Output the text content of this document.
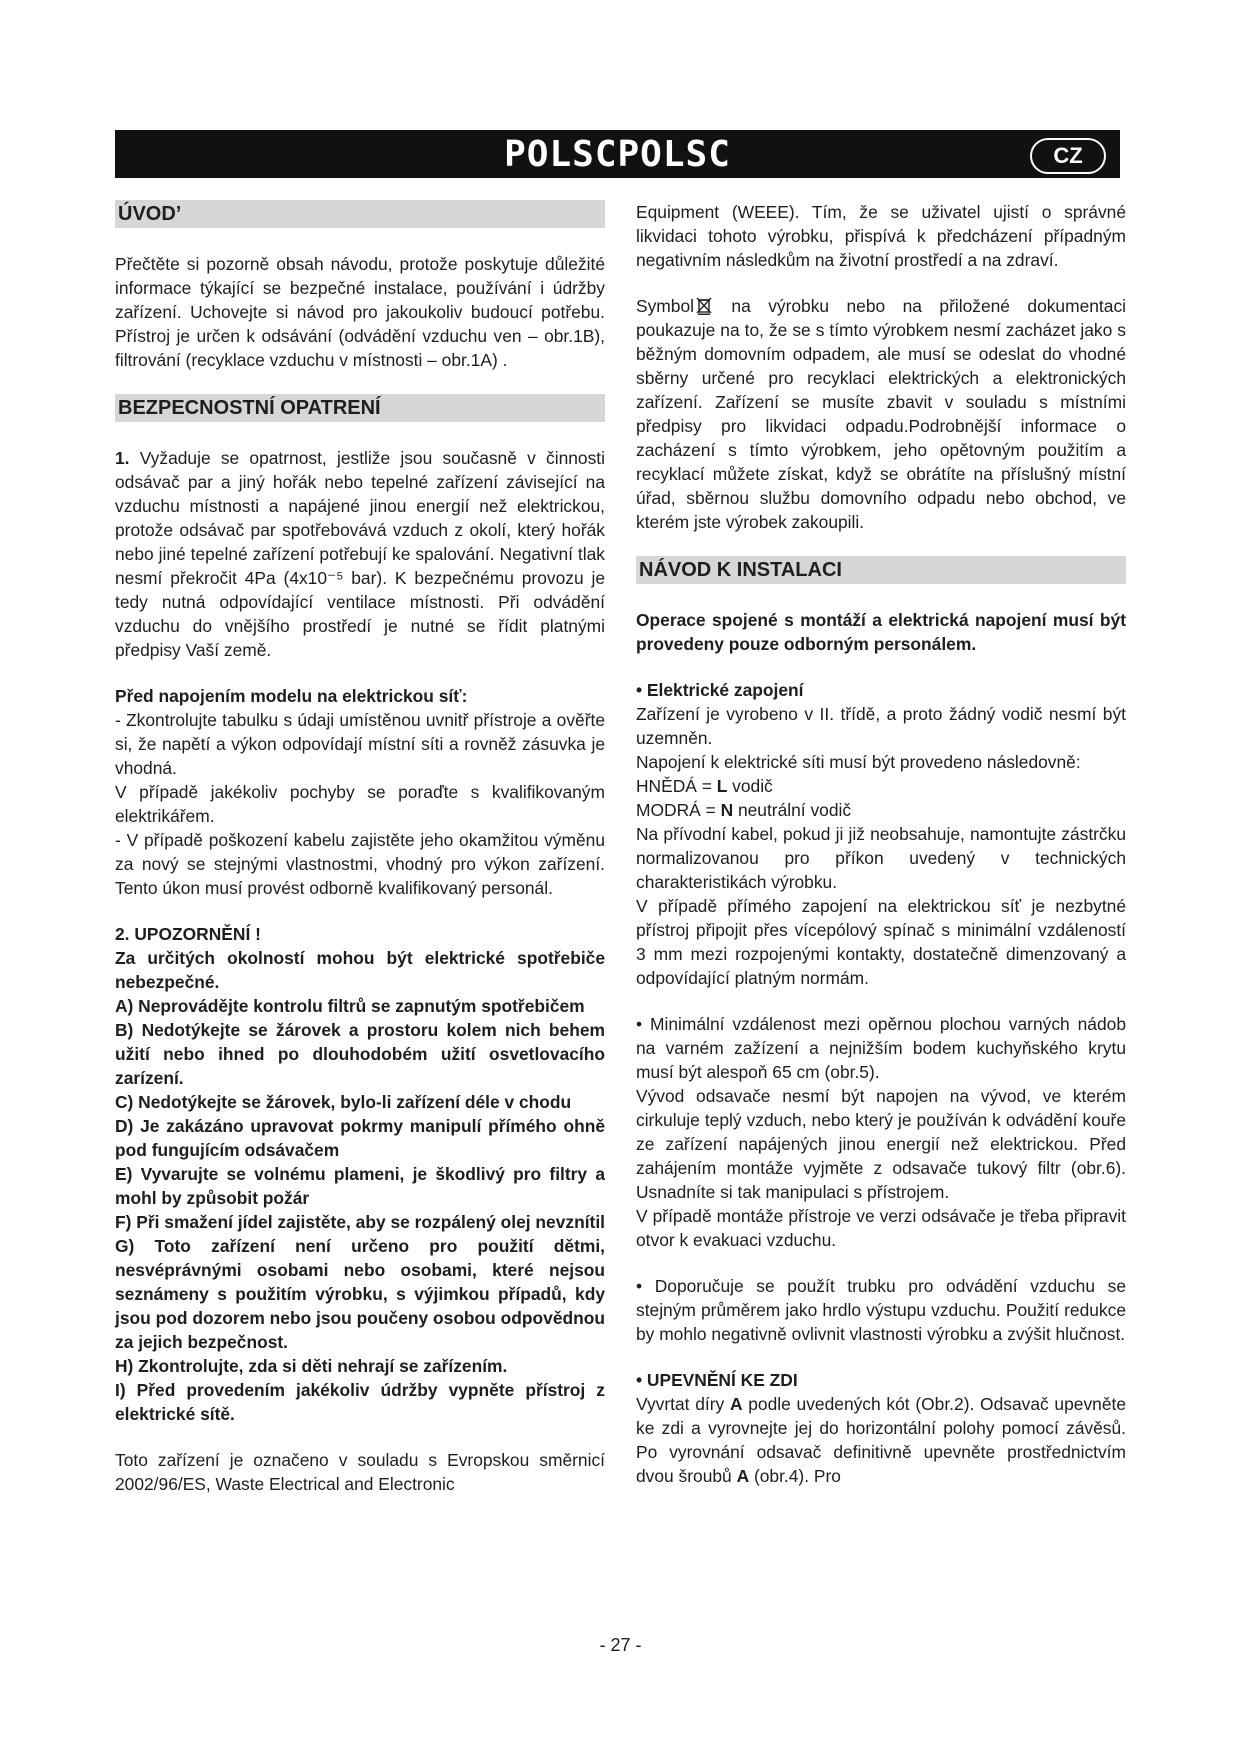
POLSCPOLSC	CZ
ÚVOD’

Přečtěte si pozorně obsah návodu, protože poskytuje důležité informace týkající se bezpečné instalace, používání i údržby zařízení. Uchovejte si návod pro jakoukoliv budoucí potřebu. Přístroj je určen k odsávání (odvádění vzduchu ven – obr.1B), filtrování (recyklace vzduchu v místnosti – obr.1A) .

BEZPECNOSTNÍ OPATRENÍ

1. Vyžaduje se opatrnost, jestliže jsou současně v činnosti odsávač par a jiný hořák nebo tepelné zařízení závisející na vzduchu místnosti a napájené jinou energií než elektrickou, protože odsávač par spotřebovává vzduch z okolí, který hořák nebo jiné tepelné zařízení potřebují ke spalování. Negativní tlak nesmí překročit 4Pa (4x10⁻⁵ bar). K bezpečnému provozu je tedy nutná odpovídající ventilace místnosti. Při odvádění vzduchu do vnějšího prostředí je nutné se řídit platnými předpisy Vaší země.

Před napojením modelu na elektrickou síť:

- Zkontrolujte tabulku s údaji umístěnou uvnitř přístroje a ověřte si, že napětí a výkon odpovídají místní síti a rovněž zásuvka je vhodná.

V případě jakékoliv pochyby se poraďte s kvalifikovaným elektrikářem.

- V případě poškození kabelu zajistěte jeho okamžitou výměnu za nový se stejnými vlastnostmi, vhodný pro výkon zařízení. Tento úkon musí provést odborně kvalifikovaný personál.

2. UPOZORNĚNÍ !

Za určitých okolností mohou být elektrické spotřebiče nebezpečné.

A) Neprovádějte kontrolu filtrů se zapnutým spotřebičem

B) Nedotýkejte se žárovek a prostoru kolem nich behem užití nebo ihned po dlouhodobém užití osvetlovacího zarízení.

C) Nedotýkejte se žárovek, bylo-li zařízení déle v chodu

D) Je zakázáno upravovat pokrmy manipulí přímého ohně pod fungujícím odsávačem

E) Vyvarujte se volnému plameni, je škodlivý pro filtry a mohl by způsobit požár

F) Při smažení jídel zajistěte, aby se rozpálený olej nevznítil

G) Toto zařízení není určeno pro použití dětmi, nesvéprávnými osobami nebo osobami, které nejsou seznámeny s použitím výrobku, s výjimkou případů, kdy jsou pod dozorem nebo jsou poučeny osobou odpovědnou za jejich bezpečnost.

H) Zkontrolujte, zda si děti nehrají se zařízením.

I) Před provedením jakékoliv údržby vypněte přístroj z elektrické sítě.

Toto zařízení je označeno v souladu s Evropskou směrnicí 2002/96/ES, Waste Electrical and Electronic

Equipment (WEEE). Tím, že se uživatel ujistí o správné likvidaci tohoto výrobku, přispívá k předcházení případným negativním následkům na životní prostředí a na zdraví.

Symbol na výrobku nebo na přiložené dokumentaci poukazuje na to, že se s tímto výrobkem nesmí zacházet jako s běžným domovním odpadem, ale musí se odeslat do vhodné sběrny určené pro recyklaci elektrických a elektronických zařízení. Zařízení se musíte zbavit v souladu s místními předpisy pro likvidaci odpadu.Podrobnější informace o zacházení s tímto výrobkem, jeho opětovným použitím a recyklací můžete získat, když se obrátíte na příslušný místní úřad, sběrnou službu domovního odpadu nebo obchod, ve kterém jste výrobek zakoupili.

NÁVOD K INSTALACI

Operace spojené s montáží a elektrická napojení musí být provedeny pouze odborným personálem.

• Elektrické zapojení

Zařízení je vyrobeno v II. třídě, a proto žádný vodič nesmí být uzemněn.

Napojení k elektrické síti musí být provedeno následovně:

HNĚDÁ = L vodič
MODRÁ = N neutrální vodič

Na přívodní kabel, pokud ji již neobsahuje, namontujte zástrčku normalizovanou pro příkon uvedený v technických charakteristikách výrobku.

V případě přímého zapojení na elektrickou síť je nezbytné přístroj připojit přes vícepólový spínač s minimální vzdáleností 3 mm mezi rozpojenými kontakty, dostatečně dimenzovaný a odpovídající platným normám.

• Minimální vzdálenost mezi opěrnou plochou varných nádob na varném zažízení a nejnižším bodem kuchyňského krytu musí být alespoň 65 cm (obr.5).

Vývod odsavače nesmí být napojen na vývod, ve kterém cirkuluje teplý vzduch, nebo který je používán k odvádění kouře ze zařízení napájených jinou energií než elektrickou. Před zahájením montáže vyjměte z odsavače tukový filtr (obr.6). Usnadníte si tak manipulaci s přístrojem.

V případě montáže přístroje ve verzi odsávače je třeba připravit otvor k evakuaci vzduchu.

• Doporučuje se použít trubku pro odvádění vzduchu se stejným průměrem jako hrdlo výstupu vzduchu. Použití redukce by mohlo negativně ovlivnit vlastnosti výrobku a zvýšit hlučnost.

• UPEVNĚNÍ KE ZDI

Vyvrtat díry A podle uvedených kót (Obr.2). Odsavač upevněte ke zdi a vyrovnejte jej do horizontální polohy pomocí závěsů. Po vyrovnání odsavač definitivně upevněte prostřednictvím dvou šroubů A (obr.4). Pro

- 27 -
